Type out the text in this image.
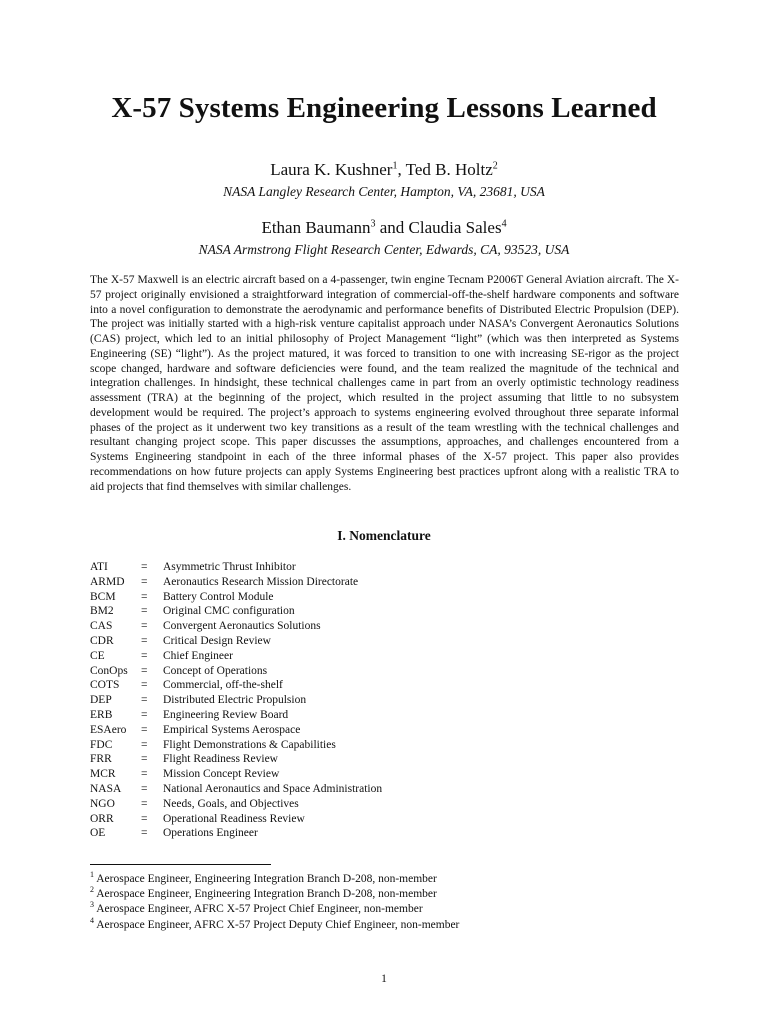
X-57 Systems Engineering Lessons Learned
Laura K. Kushner$^1$, Ted B. Holtz$^2$
NASA Langley Research Center, Hampton, VA, 23681, USA
Ethan Baumann$^3$ and Claudia Sales$^4$
NASA Armstrong Flight Research Center, Edwards, CA, 93523, USA

The X-57 Maxwell is an electric aircraft based on a 4-passenger, twin engine Tecnam P2006T General Aviation aircraft. The X-57 project originally envisioned a straightforward integration of commercial-off-the-shelf hardware components and software into a novel configuration to demonstrate the aerodynamic and performance benefits of Distributed Electric Propulsion (DEP). The project was initially started with a high-risk venture capitalist approach under NASA’s Convergent Aeronautics Solutions (CAS) project, which led to an initial philosophy of Project Management “light” (which was then interpreted as Systems Engineering (SE) “light”). As the project matured, it was forced to transition to one with increasing SE-rigor as the project scope changed, hardware and software deficiencies were found, and the team realized the magnitude of the technical and integration challenges. In hindsight, these technical challenges came in part from an overly optimistic technology readiness assessment (TRA) at the beginning of the project, which resulted in the project assuming that little to no subsystem development would be required. The project’s approach to systems engineering evolved throughout three separate informal phases of the project as it underwent two key transitions as a result of the team wrestling with the technical challenges and resultant changing project scope. This paper discusses the assumptions, approaches, and challenges encountered from a Systems Engineering standpoint in each of the three informal phases of the X-57 project. This paper also provides recommendations on how future projects can apply Systems Engineering best practices upfront along with a realistic TRA to aid projects that find themselves with similar challenges.

I. Nomenclature
ATI	=	Asymmetric Thrust Inhibitor
ARMD	=	Aeronautics Research Mission Directorate
BCM	=	Battery Control Module
BM2	=	Original CMC configuration
CAS	=	Convergent Aeronautics Solutions
CDR	=	Critical Design Review
CE	=	Chief Engineer
ConOps	=	Concept of Operations
COTS	=	Commercial, off-the-shelf
DEP	=	Distributed Electric Propulsion
ERB	=	Engineering Review Board
ESAero	=	Empirical Systems Aerospace
FDC	=	Flight Demonstrations & Capabilities
FRR	=	Flight Readiness Review
MCR	=	Mission Concept Review
NASA	=	National Aeronautics and Space Administration
NGO	=	Needs, Goals, and Objectives
ORR	=	Operational Readiness Review
OE	=	Operations Engineer
$^1$ Aerospace Engineer, Engineering Integration Branch D-208, non-member
$^2$ Aerospace Engineer, Engineering Integration Branch D-208, non-member
$^3$ Aerospace Engineer, AFRC X-57 Project Chief Engineer, non-member
$^4$ Aerospace Engineer, AFRC X-57 Project Deputy Chief Engineer, non-member
1
